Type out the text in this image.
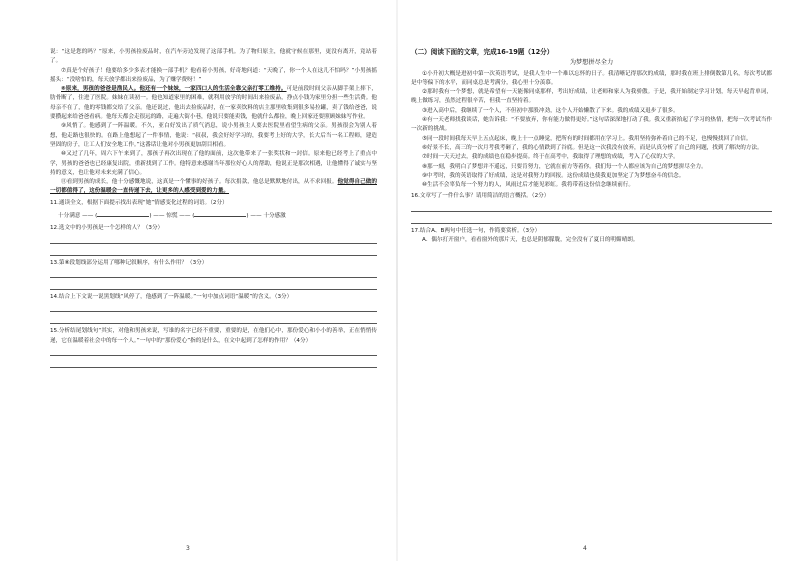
说：“这是您的吗？”原来，小男孩捡废品时，在汽车旁边发现了这部手机。为了物归原主，他就守候在那里，更没有离开，竟站着了。

⑦真是个好孩子！他要给多少多表才能换一部手机？他看着小男孩，好奇地问道：“天晚了，你一个人在这儿不怕吗？”小男孩摇摇头：“没啥怕的，每天放学都出来捡废品，为了赚学费呀！”

⑧原来，男孩的爸爸是渔民人。他还有一个妹妹，一家四口人的生活全靠父亲打零工维持。可是前段时间父亲从脚手架上摔下，肋骨断了，住进了医院。妹妹在读初一。他也知道家里的困难，就利用放学的时间出来捡废品，挣点小钱为家里分担一些生活费。他母亲不在了，他的零钱都交给了父亲。他还说过，他出去捡废品时，在一家卖饮料的店主那里收集到很多易拉罐，卖了钱给爸爸，说要攒起来给爸爸看病。他每天都会走很远的路，走遍大街小巷，他说只要能卖钱，他就什么都捡，晚上回家还要照顾妹妹写作业。

⑨风悄了。他感到了一阵温暖。不久，亚白好发出了质气消息，说小男孩主人要去医院里看望生病的父亲。男孩很会为别人着想，他走路也很快的。在路上他想起了一件事情，他说：“叔叔，我会好好学习的，我要考上好的大学，长大后当一名工程师，建造坚固的房子，让工人们安全地工作。”这番话让他对小男孩更加刮目相看。

⑩又过了几年，周六下午来到了，那孩子再次出现在了他的面前，这次他带来了一张奖状和一封信。原来他已经考上了重点中学，男孩的爸爸也已经康复出院，重新找到了工作。他特意来感谢当年那位好心人的帮助，他说正是那次相遇，让他懂得了诚实与坚持的意义，也让他对未来充满了信心。

⑪看到男孩的成长，他十分感慨地说，这真是一个懂事的好孩子。每次捐款，他总是默默地付出，从不求回报。他觉得自己做的一切都值得了，这份温暖会一直传递下去，让更多的人感受到爱的力量。

11.通读全文，根据下面提示找出表现“她”情感变化过程的词语。（2分）

十分满意 —— (	) —— 惊慌 —— (	) —— 十分感激

12.选文中的小男孩是一个怎样的人？（3分）

13.第⑧段划线部分运用了哪种记叙顺序，有什么作用？（3分）

14.结合上下文说一说黑划线“风停了，他感到了一阵温暖。”一句中加点词语“温暖”的含义。（3分）

15.分析结尾划线句“其实，对他和男孩来说，写谁的名字已经不重要，重要的是，在他们心中，那份爱心和小小的善举，正在悄悄传递，它在温暖着社会中的每一个人。”一句中的“那份爱心”指的是什么，在文中起到了怎样的作用？（4分）

3
（二）阅读下面的文章，完成16-19题（12分）
为梦想拼尽全力

①小升初大概是进初中第一次英语考试，是我人生中一个难以忘怀的日子。我清晰记得那次的成绩，那时我在班上排倒数第几名，每次考试都是中等偏下的水平，而同桌总是考满分，我心里十分羡慕。

②那时我有一个梦想，就是希望有一天能像同桌那样，考出好成绩，让老师和家人为我骄傲。于是，我开始制定学习计划，每天早起背单词，晚上做练习，虽然过程很辛苦，但我一直坚持着。

③进入高中后，我继续了一个人，不但初中那股冲劲，这个人开始懒散了下来。我的成绩又退步了很多。

④有一天老师找我谈话，她告诉我：“不要放弃，你有能力做得更好。”这句话深深地打动了我。我又重新拾起了学习的热情，把每一次考试当作一次新的挑战。

⑤同一段时间我每天早上五点起床，晚上十一点睡觉，把所有的时间都用在学习上。我用坚持弥补着自己的不足，也慢慢找回了自信。

⑥好景不长，高三的一次月考我考砸了，我的心情跌到了谷底。但是这一次我没有放弃，而是认真分析了自己的问题，找到了解决的方法。

⑦时间一天天过去，我的成绩也在稳步提高。终于在高考中，我取得了理想的成绩，考入了心仪的大学。

⑧那一刻，我明白了梦想并不遥远，只要肯努力，它就在前方等着你。我们每一个人都应该为自己的梦想拼尽全力。

⑨中考时，我的英语取得了好成绩，这是对我努力的回报。这份成绩也使我更加坚定了为梦想奋斗的信念。

⑩生活不会辜负每一个努力的人，风雨过后才能见彩虹。我将带着这份信念继续前行。

16.文章写了一件什么事？请用简洁的语言概括。（2分）

17.结合A、B两句中任选一句，作简要赏析。（3分）

A．偶尔打开窗户，看看窗外的那片天，也总是阴郁朦胧，完全没有了夏日的明媚晴朗。

4
